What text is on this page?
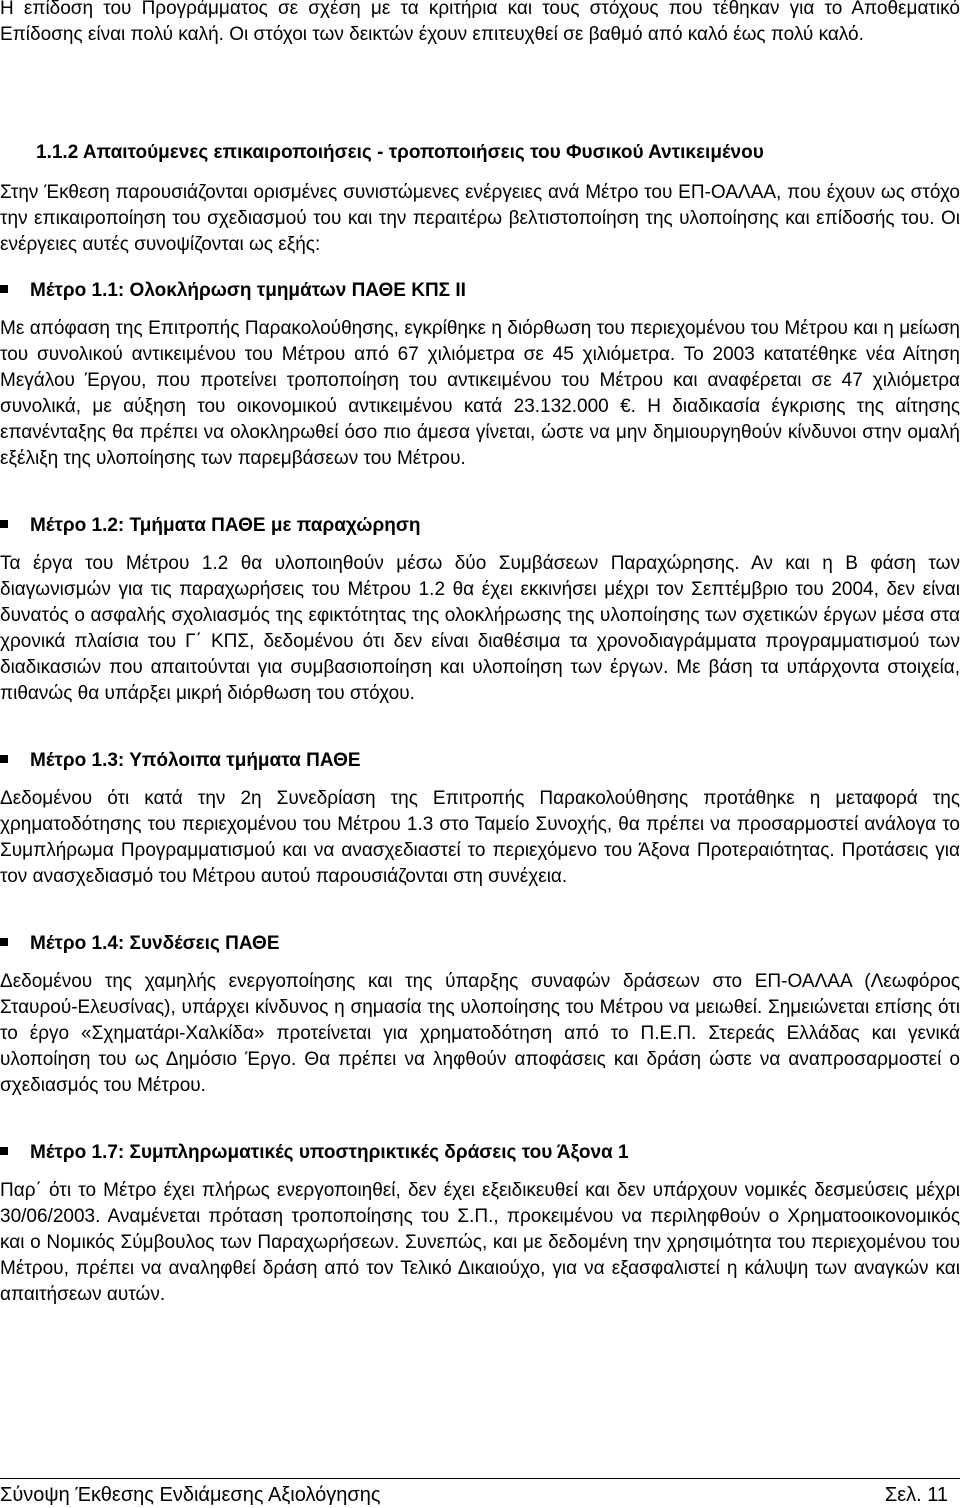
Η επίδοση του Προγράμματος σε σχέση με τα κριτήρια και τους στόχους που τέθηκαν για το Αποθεματικό Επίδοσης είναι πολύ καλή. Οι στόχοι των δεικτών έχουν επιτευχθεί σε βαθμό από καλό έως πολύ καλό.

1.1.2 Απαιτούμενες επικαιροποιήσεις - τροποποιήσεις του Φυσικού Αντικειμένου

Στην Έκθεση παρουσιάζονται ορισμένες συνιστώμενες ενέργειες ανά Μέτρο του ΕΠ-ΟΑΛΑΑ, που έχουν ως στόχο την επικαιροποίηση του σχεδιασμού του και την περαιτέρω βελτιστοποίηση της υλοποίησης και επίδοσής του. Οι ενέργειες αυτές συνοψίζονται ως εξής:

Μέτρο 1.1: Ολοκλήρωση τμημάτων ΠΑΘΕ ΚΠΣ ΙΙ

Με απόφαση της Επιτροπής Παρακολούθησης, εγκρίθηκε η διόρθωση του περιεχομένου του Μέτρου και η μείωση του συνολικού αντικειμένου του Μέτρου από 67 χιλιόμετρα σε 45 χιλιόμετρα. Το 2003 κατατέθηκε νέα Αίτηση Μεγάλου Έργου, που προτείνει τροποποίηση του αντικειμένου του Μέτρου και αναφέρεται σε 47 χιλιόμετρα συνολικά, με αύξηση του οικονομικού αντικειμένου κατά 23.132.000 €. Η διαδικασία έγκρισης της αίτησης επανένταξης θα πρέπει να ολοκληρωθεί όσο πιο άμεσα γίνεται, ώστε να μην δημιουργηθούν κίνδυνοι στην ομαλή εξέλιξη της υλοποίησης των παρεμβάσεων του Μέτρου.

Μέτρο 1.2: Τμήματα ΠΑΘΕ με παραχώρηση

Τα έργα του Μέτρου 1.2 θα υλοποιηθούν μέσω δύο Συμβάσεων Παραχώρησης. Αν και η Β φάση των διαγωνισμών για τις παραχωρήσεις του Μέτρου 1.2 θα έχει εκκινήσει μέχρι τον Σεπτέμβριο του 2004, δεν είναι δυνατός ο ασφαλής σχολιασμός της εφικτότητας της ολοκλήρωσης της υλοποίησης των σχετικών έργων μέσα στα χρονικά πλαίσια του Γ΄ ΚΠΣ, δεδομένου ότι δεν είναι διαθέσιμα τα χρονοδιαγράμματα προγραμματισμού των διαδικασιών που απαιτούνται για συμβασιοποίηση και υλοποίηση των έργων. Με βάση τα υπάρχοντα στοιχεία, πιθανώς θα υπάρξει μικρή διόρθωση του στόχου.

Μέτρο 1.3: Υπόλοιπα τμήματα ΠΑΘΕ

Δεδομένου ότι κατά την 2η Συνεδρίαση της Επιτροπής Παρακολούθησης προτάθηκε η μεταφορά της χρηματοδότησης του περιεχομένου του Μέτρου 1.3 στο Ταμείο Συνοχής, θα πρέπει να προσαρμοστεί ανάλογα το Συμπλήρωμα Προγραμματισμού και να ανασχεδιαστεί το περιεχόμενο του Άξονα Προτεραιότητας. Προτάσεις για τον ανασχεδιασμό του Μέτρου αυτού παρουσιάζονται στη συνέχεια.

Μέτρο 1.4: Συνδέσεις ΠΑΘΕ

Δεδομένου της χαμηλής ενεργοποίησης και της ύπαρξης συναφών δράσεων στο ΕΠ-ΟΑΛΑΑ (Λεωφόρος Σταυρού-Ελευσίνας), υπάρχει κίνδυνος η σημασία της υλοποίησης του Μέτρου να μειωθεί. Σημειώνεται επίσης ότι το έργο «Σχηματάρι-Χαλκίδα» προτείνεται για χρηματοδότηση από το Π.Ε.Π. Στερεάς Ελλάδας και γενικά υλοποίηση του ως Δημόσιο Έργο. Θα πρέπει να ληφθούν αποφάσεις και δράση ώστε να αναπροσαρμοστεί ο σχεδιασμός του Μέτρου.

Μέτρο 1.7: Συμπληρωματικές υποστηρικτικές δράσεις του Άξονα 1

Παρ΄ ότι το Μέτρο έχει πλήρως ενεργοποιηθεί, δεν έχει εξειδικευθεί και δεν υπάρχουν νομικές δεσμεύσεις μέχρι 30/06/2003. Αναμένεται πρόταση τροποποίησης του Σ.Π., προκειμένου να περιληφθούν ο Χρηματοοικονομικός και ο Νομικός Σύμβουλος των Παραχωρήσεων. Συνεπώς, και με δεδομένη την χρησιμότητα του περιεχομένου του Μέτρου, πρέπει να αναληφθεί δράση από τον Τελικό Δικαιούχο, για να εξασφαλιστεί η κάλυψη των αναγκών και απαιτήσεων αυτών.

Σύνοψη Έκθεσης Ενδιάμεσης Αξιολόγησης	Σελ. 11
